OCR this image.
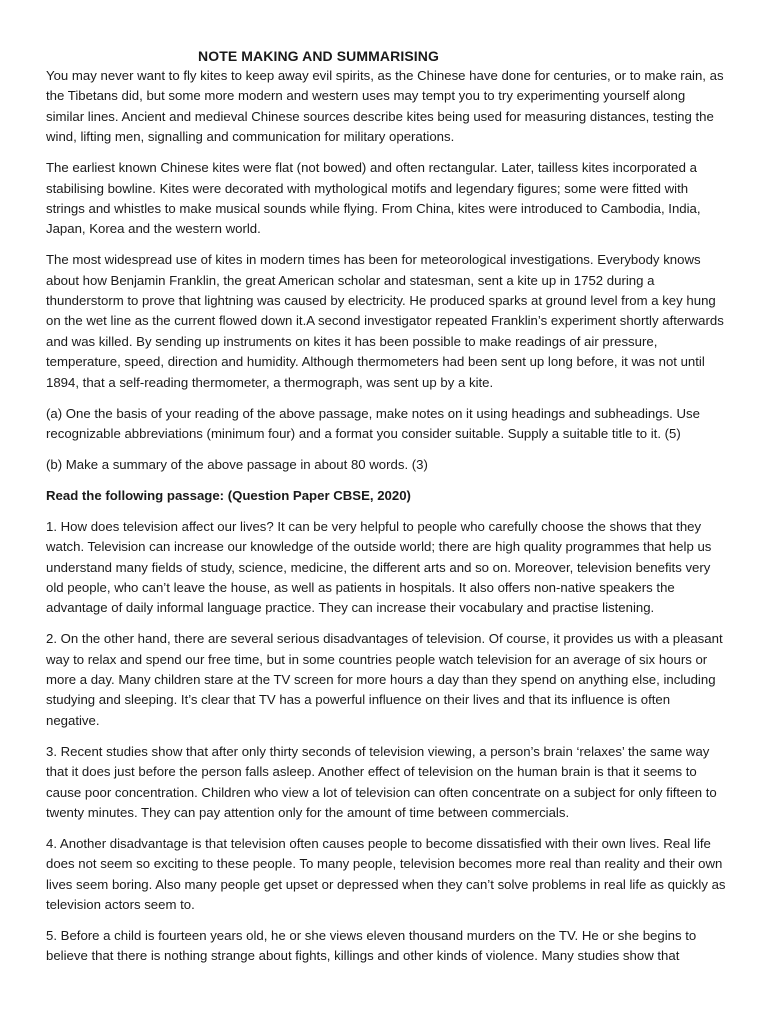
NOTE MAKING AND SUMMARISING

You may never want to fly kites to keep away evil spirits, as the Chinese have done for centuries, or to make rain, as the Tibetans did, but some more modern and western uses may tempt you to try experimenting yourself along similar lines. Ancient and medieval Chinese sources describe kites being used for measuring distances, testing the wind, lifting men, signalling and communication for military operations.

The earliest known Chinese kites were flat (not bowed) and often rectangular. Later, tailless kites incorporated a stabilising bowline. Kites were decorated with mythological motifs and legendary figures; some were fitted with strings and whistles to make musical sounds while flying. From China, kites were introduced to Cambodia, India, Japan, Korea and the western world.

The most widespread use of kites in modern times has been for meteorological investigations. Everybody knows about how Benjamin Franklin, the great American scholar and statesman, sent a kite up in 1752 during a thunderstorm to prove that lightning was caused by electricity. He produced sparks at ground level from a key hung on the wet line as the current flowed down it.A second investigator repeated Franklin’s experiment shortly afterwards and was killed. By sending up instruments on kites it has been possible to make readings of air pressure, temperature, speed, direction and humidity. Although thermometers had been sent up long before, it was not until 1894, that a self-reading thermometer, a thermograph, was sent up by a kite.

(a) One the basis of your reading of the above passage, make notes on it using headings and subheadings. Use recognizable abbreviations (minimum four) and a format you consider suitable. Supply a suitable title to it. (5)

(b) Make a summary of the above passage in about 80 words. (3)

Read the following passage: (Question Paper CBSE, 2020)

1. How does television affect our lives? It can be very helpful to people who carefully choose the shows that they watch. Television can increase our knowledge of the outside world; there are high quality programmes that help us understand many fields of study, science, medicine, the different arts and so on. Moreover, television benefits very old people, who can’t leave the house, as well as patients in hospitals. It also offers non-native speakers the advantage of daily informal language practice. They can increase their vocabulary and practise listening.

2. On the other hand, there are several serious disadvantages of television. Of course, it provides us with a pleasant way to relax and spend our free time, but in some countries people watch television for an average of six hours or more a day. Many children stare at the TV screen for more hours a day than they spend on anything else, including studying and sleeping. It’s clear that TV has a powerful influence on their lives and that its influence is often negative.

3. Recent studies show that after only thirty seconds of television viewing, a person’s brain ‘relaxes’ the same way that it does just before the person falls asleep. Another effect of television on the human brain is that it seems to cause poor concentration. Children who view a lot of television can often concentrate on a subject for only fifteen to twenty minutes. They can pay attention only for the amount of time between commercials.

4. Another disadvantage is that television often causes people to become dissatisfied with their own lives. Real life does not seem so exciting to these people. To many people, television becomes more real than reality and their own lives seem boring. Also many people get upset or depressed when they can’t solve problems in real life as quickly as television actors seem to.

5. Before a child is fourteen years old, he or she views eleven thousand murders on the TV. He or she begins to believe that there is nothing strange about fights, killings and other kinds of violence. Many studies show that
